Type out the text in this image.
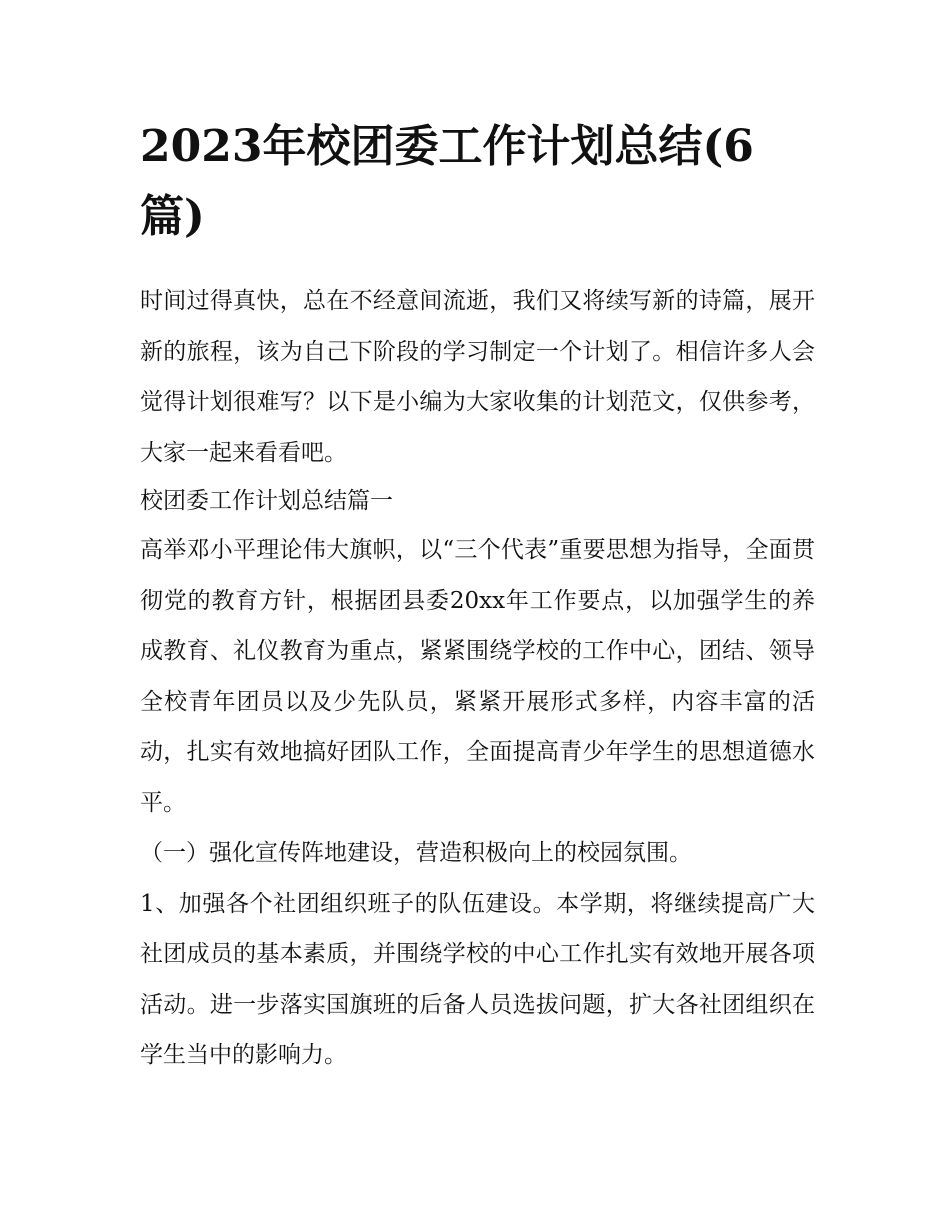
2023年校团委工作计划总结(6篇)

时间过得真快，总在不经意间流逝，我们又将续写新的诗篇，展开新的旅程，该为自己下阶段的学习制定一个计划了。相信许多人会觉得计划很难写？以下是小编为大家收集的计划范文，仅供参考，大家一起来看看吧。

校团委工作计划总结篇一

高举邓小平理论伟大旗帜，以“三个代表”重要思想为指导，全面贯彻党的教育方针，根据团县委20xx年工作要点，以加强学生的养成教育、礼仪教育为重点，紧紧围绕学校的工作中心，团结、领导全校青年团员以及少先队员，紧紧开展形式多样，内容丰富的活动，扎实有效地搞好团队工作，全面提高青少年学生的思想道德水平。

（一）强化宣传阵地建设，营造积极向上的校园氛围。

1、加强各个社团组织班子的队伍建设。本学期，将继续提高广大社团成员的基本素质，并围绕学校的中心工作扎实有效地开展各项活动。进一步落实国旗班的后备人员选拔问题，扩大各社团组织在学生当中的影响力。
